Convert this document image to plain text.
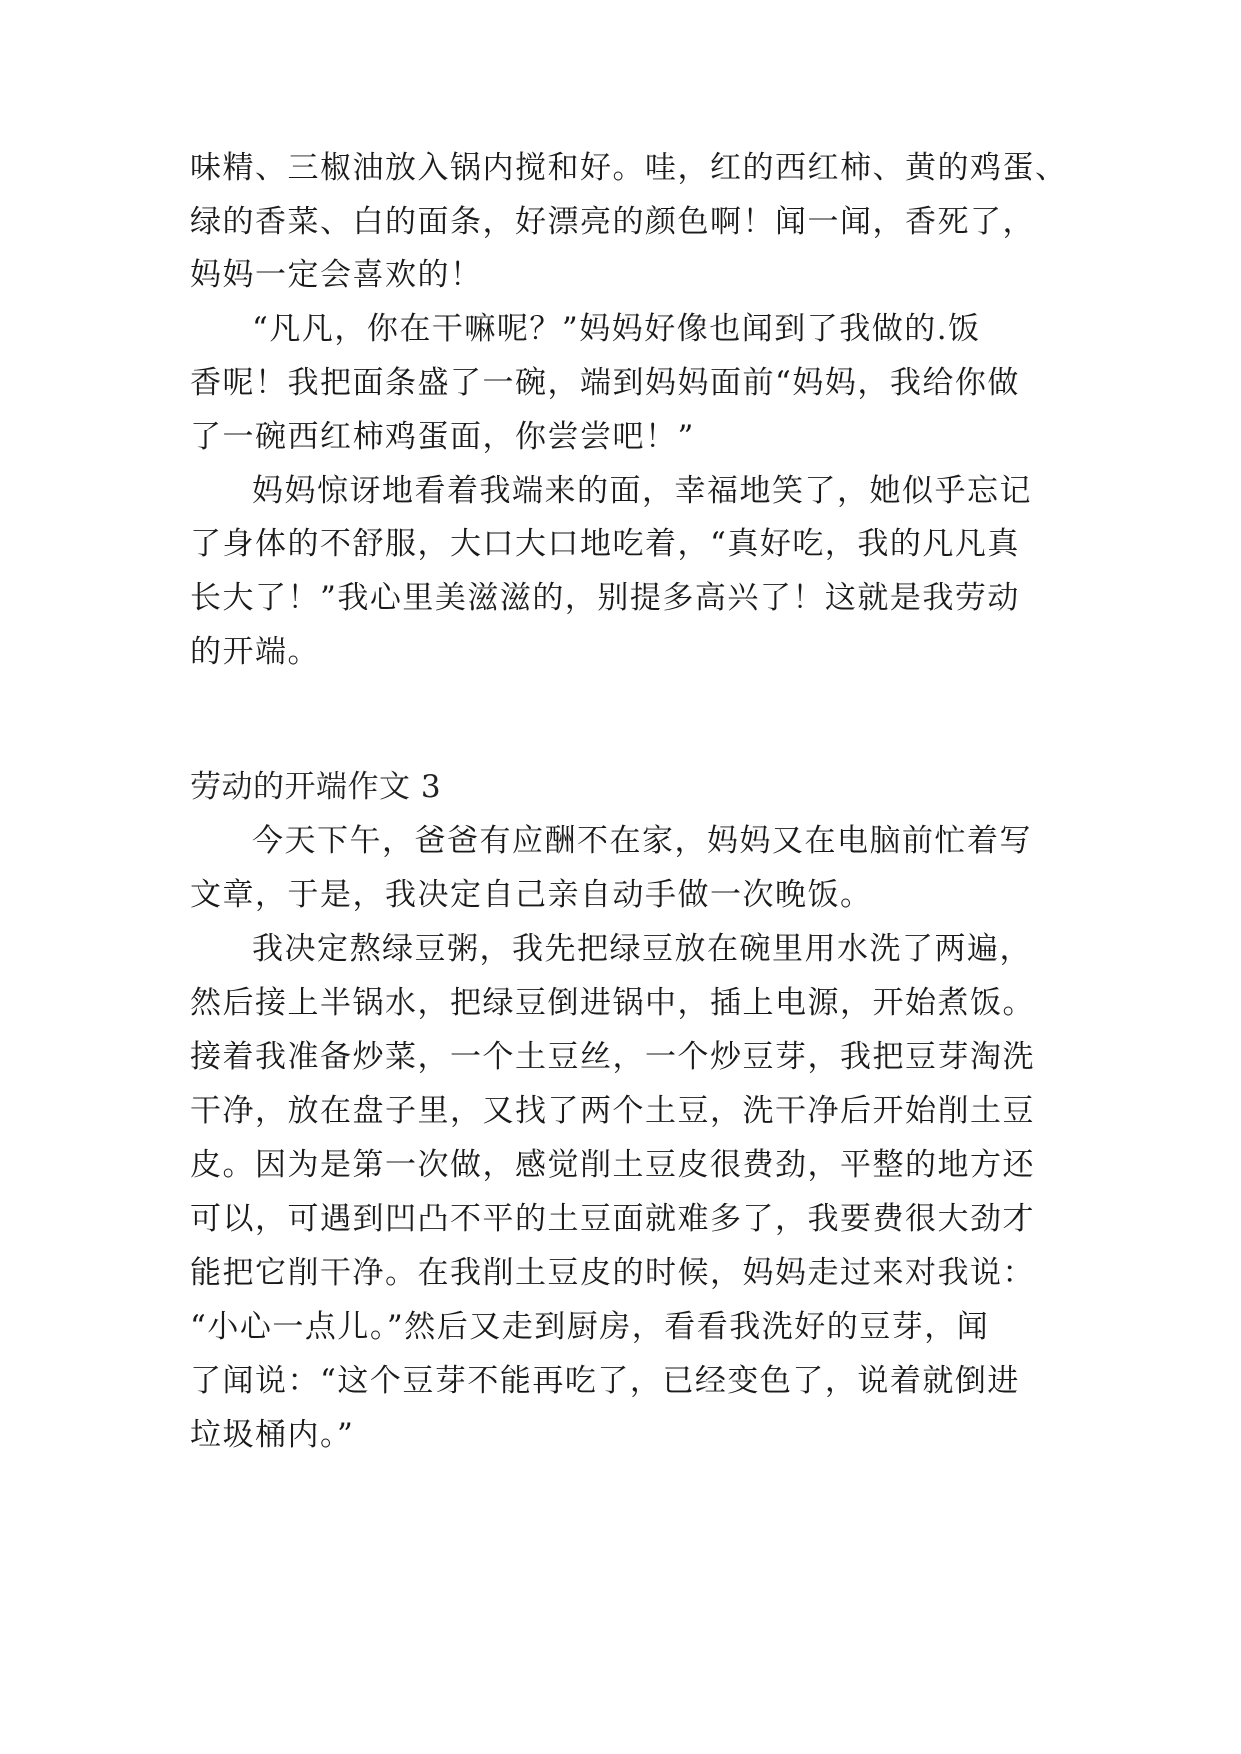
味精、三椒油放入锅内搅和好。哇，红的西红柿、黄的鸡蛋、
绿的香菜、白的面条，好漂亮的颜色啊！闻一闻，香死了，
妈妈一定会喜欢的！
“凡凡，你在干嘛呢？”妈妈好像也闻到了我做的.饭
香呢！我把面条盛了一碗，端到妈妈面前“妈妈，我给你做
了一碗西红柿鸡蛋面，你尝尝吧！”
妈妈惊讶地看着我端来的面，幸福地笑了，她似乎忘记
了身体的不舒服，大口大口地吃着，“真好吃，我的凡凡真
长大了！”我心里美滋滋的，别提多高兴了！这就是我劳动
的开端。
劳动的开端作文 3
今天下午，爸爸有应酬不在家，妈妈又在电脑前忙着写
文章，于是，我决定自己亲自动手做一次晚饭。
我决定熬绿豆粥，我先把绿豆放在碗里用水洗了两遍，
然后接上半锅水，把绿豆倒进锅中，插上电源，开始煮饭。
接着我准备炒菜，一个土豆丝，一个炒豆芽，我把豆芽淘洗
干净，放在盘子里，又找了两个土豆，洗干净后开始削土豆
皮。因为是第一次做，感觉削土豆皮很费劲，平整的地方还
可以，可遇到凹凸不平的土豆面就难多了，我要费很大劲才
能把它削干净。在我削土豆皮的时候，妈妈走过来对我说：
“小心一点儿。”然后又走到厨房，看看我洗好的豆芽，闻
了闻说：“这个豆芽不能再吃了，已经变色了，说着就倒进
垃圾桶内。”
